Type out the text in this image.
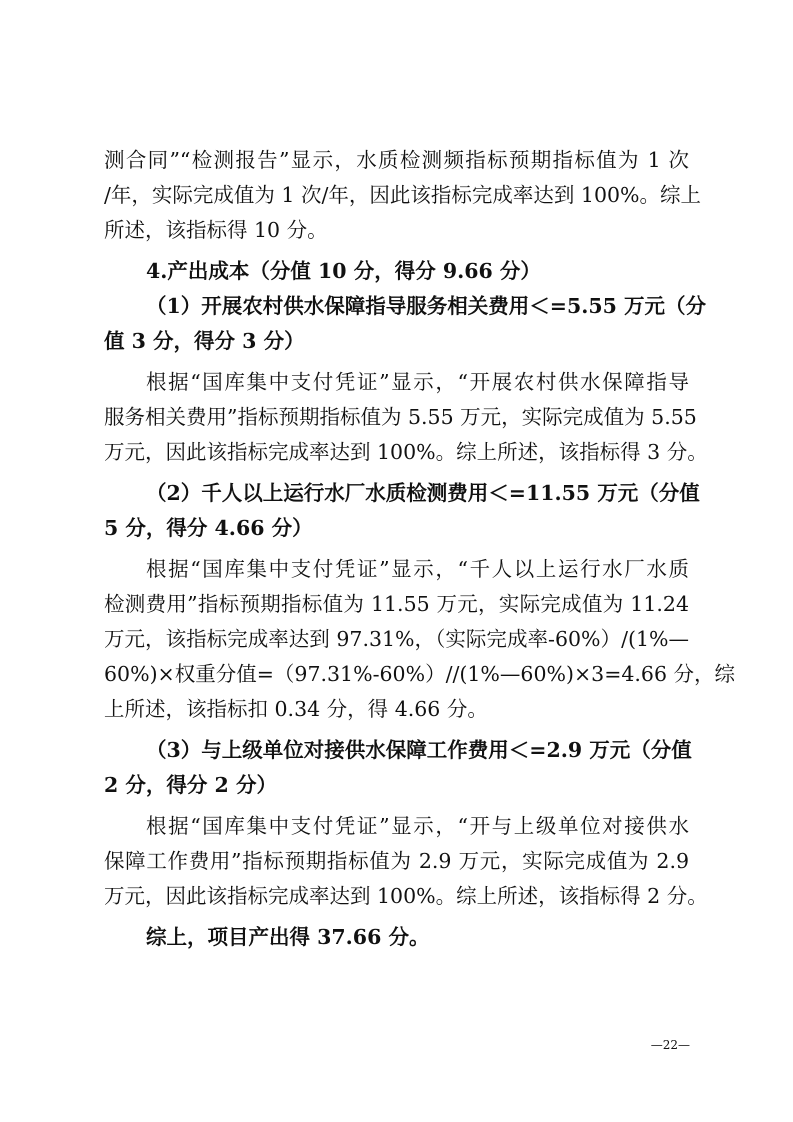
测合同”“检测报告”显示，水质检测频指标预期指标值为 1 次
/年，实际完成值为 1 次/年，因此该指标完成率达到 100%。综上
所述，该指标得 10 分。
4.产出成本（分值 10 分，得分 9.66 分）
（1）开展农村供水保障指导服务相关费用＜=5.55 万元（分
值 3 分，得分 3 分）
根据“国库集中支付凭证”显示，“开展农村供水保障指导
服务相关费用”指标预期指标值为 5.55 万元，实际完成值为 5.55
万元，因此该指标完成率达到 100%。综上所述，该指标得 3 分。
（2）千人以上运行水厂水质检测费用＜=11.55 万元（分值
5 分，得分 4.66 分）
根据“国库集中支付凭证”显示，“千人以上运行水厂水质
检测费用”指标预期指标值为 11.55 万元，实际完成值为 11.24
万元，该指标完成率达到 97.31%，（实际完成率-60%）/(1%—
60%)×权重分值=（97.31%-60%）//(1%—60%)×3=4.66 分，综
上所述，该指标扣 0.34 分，得 4.66 分。
（3）与上级单位对接供水保障工作费用＜=2.9 万元（分值
2 分，得分 2 分）
根据“国库集中支付凭证”显示，“开与上级单位对接供水
保障工作费用”指标预期指标值为 2.9 万元，实际完成值为 2.9
万元，因此该指标完成率达到 100%。综上所述，该指标得 2 分。
综上，项目产出得 37.66 分。
—22—
